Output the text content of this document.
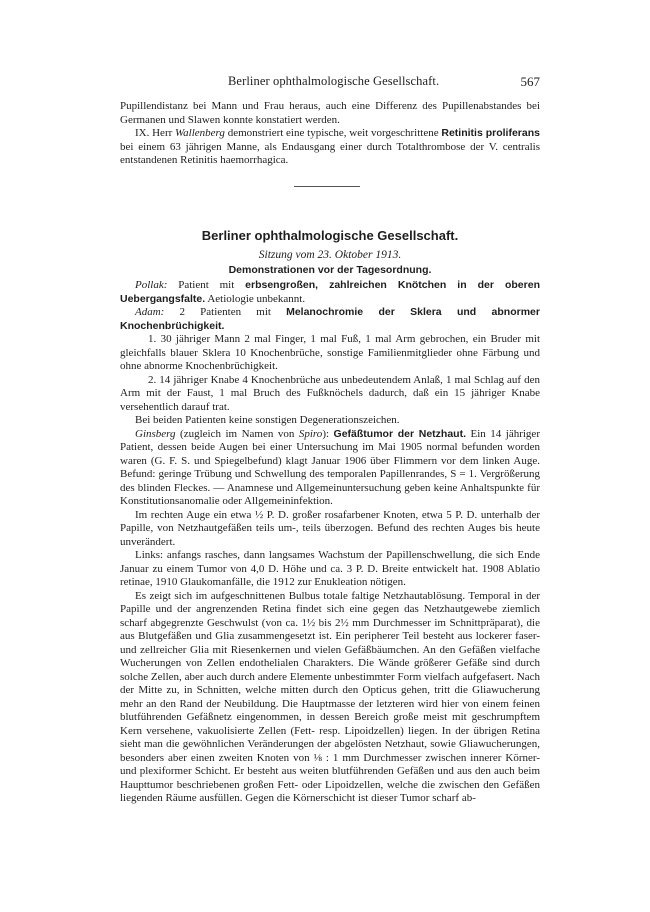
Berliner ophthalmologische Gesellschaft.	567

Pupillendistanz bei Mann und Frau heraus, auch eine Differenz des Pupillenabstandes bei Germanen und Slawen konnte konstatiert werden.

IX. Herr Wallenberg demonstriert eine typische, weit vorgeschrittene Retinitis proliferans bei einem 63 jährigen Manne, als Endausgang einer durch Totalthrombose der V. centralis entstandenen Retinitis haemorrhagica.

Berliner ophthalmologische Gesellschaft.
Sitzung vom 23. Oktober 1913.
Demonstrationen vor der Tagesordnung.

Pollak: Patient mit erbsengroßen, zahlreichen Knötchen in der oberen Uebergangsfalte. Aetiologie unbekannt.

Adam: 2 Patienten mit Melanochromie der Sklera und abnormer Knochenbrüchigkeit.

1. 30 jähriger Mann 2 mal Finger, 1 mal Fuß, 1 mal Arm gebrochen, ein Bruder mit gleichfalls blauer Sklera 10 Knochenbrüche, sonstige Familienmitglieder ohne Färbung und ohne abnorme Knochenbrüchigkeit.

2. 14 jähriger Knabe 4 Knochenbrüche aus unbedeutendem Anlaß, 1 mal Schlag auf den Arm mit der Faust, 1 mal Bruch des Fußknöchels dadurch, daß ein 15 jähriger Knabe versehentlich darauf trat.

Bei beiden Patienten keine sonstigen Degenerationszeichen.

Ginsberg (zugleich im Namen von Spiro): Gefäßtumor der Netzhaut. Ein 14 jähriger Patient, dessen beide Augen bei einer Untersuchung im Mai 1905 normal befunden worden waren (G. F. S. und Spiegelbefund) klagt Januar 1906 über Flimmern vor dem linken Auge. Befund: geringe Trübung und Schwellung des temporalen Papillenrandes, S = 1. Vergrößerung des blinden Fleckes. — Anamnese und Allgemeinuntersuchung geben keine Anhaltspunkte für Konstitutionsanomalie oder Allgemeininfektion.

Im rechten Auge ein etwa ½ P. D. großer rosafarbener Knoten, etwa 5 P. D. unterhalb der Papille, von Netzhautgefäßen teils um-, teils überzogen. Befund des rechten Auges bis heute unverändert.

Links: anfangs rasches, dann langsames Wachstum der Papillenschwellung, die sich Ende Januar zu einem Tumor von 4,0 D. Höhe und ca. 3 P. D. Breite entwickelt hat. 1908 Ablatio retinae, 1910 Glaukomanfälle, die 1912 zur Enukleation nötigen.

Es zeigt sich im aufgeschnittenen Bulbus totale faltige Netzhautablösung. Temporal in der Papille und der angrenzenden Retina findet sich eine gegen das Netzhautgewebe ziemlich scharf abgegrenzte Geschwulst (von ca. 1½ bis 2½ mm Durchmesser im Schnittpräparat), die aus Blutgefäßen und Glia zusammengesetzt ist. Ein peripherer Teil besteht aus lockerer faser- und zellreicher Glia mit Riesenkernen und vielen Gefäßbäumchen. An den Gefäßen vielfache Wucherungen von Zellen endothelialen Charakters. Die Wände größerer Gefäße sind durch solche Zellen, aber auch durch andere Elemente unbestimmter Form vielfach aufgefasert. Nach der Mitte zu, in Schnitten, welche mitten durch den Opticus gehen, tritt die Gliawucherung mehr an den Rand der Neubildung. Die Hauptmasse der letzteren wird hier von einem feinen blutführenden Gefäßnetz eingenommen, in dessen Bereich große meist mit geschrumpftem Kern versehene, vakuolisierte Zellen (Fett- resp. Lipoidzellen) liegen. In der übrigen Retina sieht man die gewöhnlichen Veränderungen der abgelösten Netzhaut, sowie Gliawucherungen, besonders aber einen zweiten Knoten von ⅛ : 1 mm Durchmesser zwischen innerer Körner- und plexiformer Schicht. Er besteht aus weiten blutführenden Gefäßen und aus den auch beim Haupttumor beschriebenen großen Fett- oder Lipoidzellen, welche die zwischen den Gefäßen liegenden Räume ausfüllen. Gegen die Körnerschicht ist dieser Tumor scharf ab-
